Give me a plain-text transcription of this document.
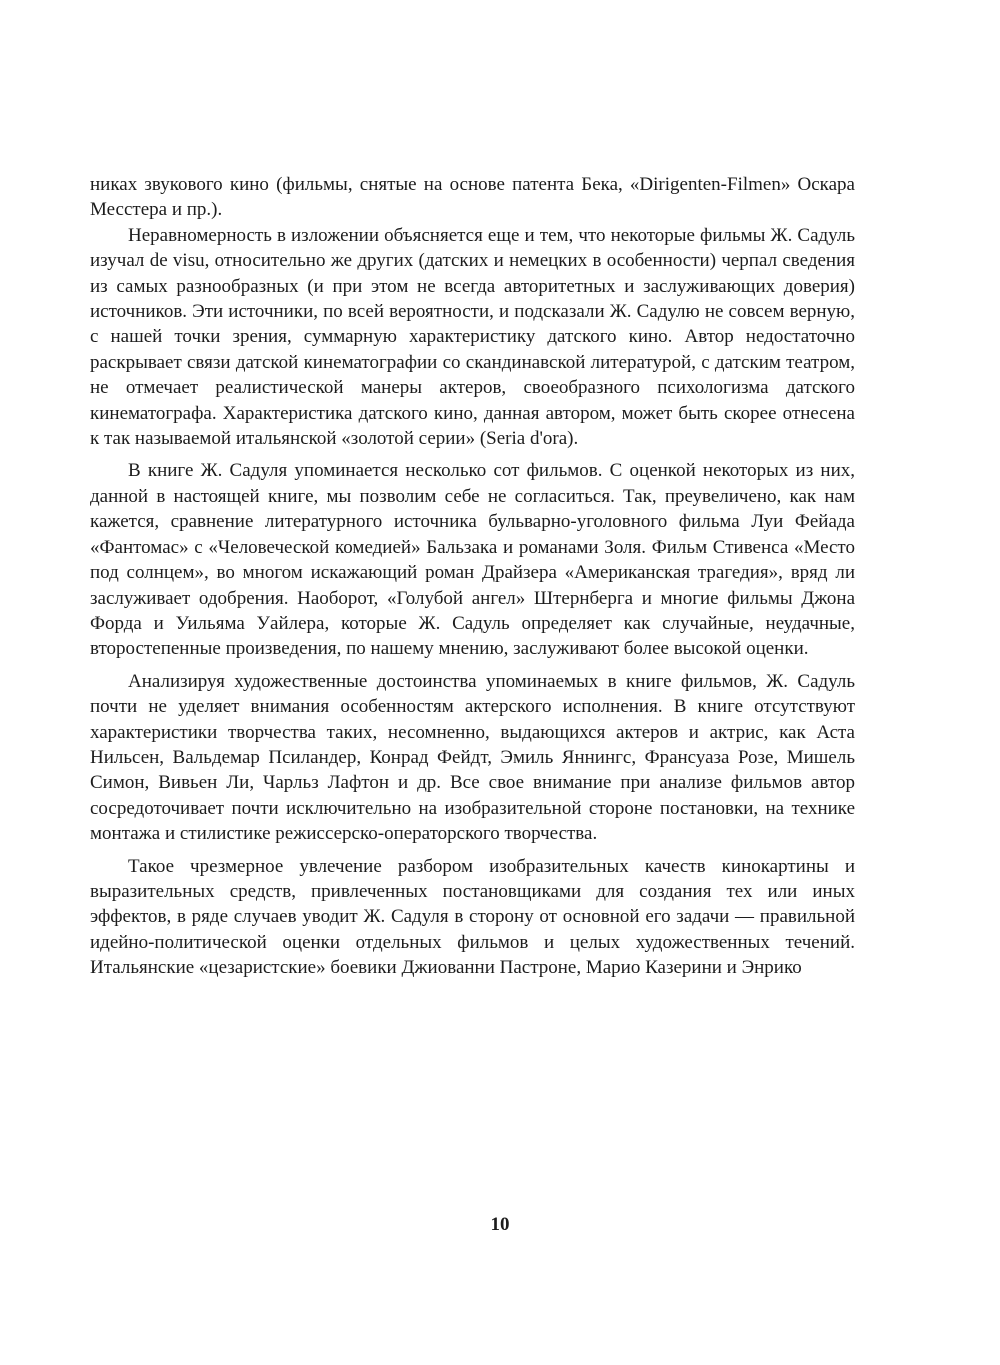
никах звукового кино (фильмы, снятые на основе патента Бека, «Dirigenten-Filmen» Оскара Месстера и пр.).

Неравномерность в изложении объясняется еще и тем, что некоторые фильмы Ж. Садуль изучал de visu, относительно же других (датских и немецких в особенности) черпал сведения из самых разнообразных (и при этом не всегда авторитетных и заслуживающих доверия) источников. Эти источники, по всей вероятности, и подсказали Ж. Садулю не совсем верную, с нашей точки зрения, суммарную характеристику датского кино. Автор недостаточно раскрывает связи датской кинематографии со скандинавской литературой, с датским театром, не отмечает реалистической манеры актеров, своеобразного психологизма датского кинематографа. Характеристика датского кино, данная автором, может быть скорее отнесена к так называемой итальянской «золотой серии» (Seria d'ora).

В книге Ж. Садуля упоминается несколько сот фильмов. С оценкой некоторых из них, данной в настоящей книге, мы позволим себе не согласиться. Так, преувеличено, как нам кажется, сравнение литературного источника бульварно-уголовного фильма Луи Фейада «Фантомас» с «Человеческой комедией» Бальзака и романами Золя. Фильм Стивенса «Место под солнцем», во многом искажающий роман Драйзера «Американская трагедия», вряд ли заслуживает одобрения. Наоборот, «Голубой ангел» Штернберга и многие фильмы Джона Форда и Уильяма Уайлера, которые Ж. Садуль определяет как случайные, неудачные, второстепенные произведения, по нашему мнению, заслуживают более высокой оценки.

Анализируя художественные достоинства упоминаемых в книге фильмов, Ж. Садуль почти не уделяет внимания особенностям актерского исполнения. В книге отсутствуют характеристики творчества таких, несомненно, выдающихся актеров и актрис, как Аста Нильсен, Вальдемар Псиландер, Конрад Фейдт, Эмиль Яннингс, Франсуаза Розе, Мишель Симон, Вивьен Ли, Чарльз Лафтон и др. Все свое внимание при анализе фильмов автор сосредоточивает почти исключительно на изобразительной стороне постановки, на технике монтажа и стилистике режиссерско-операторского творчества.

Такое чрезмерное увлечение разбором изобразительных качеств кинокартины и выразительных средств, привлеченных постановщиками для создания тех или иных эффектов, в ряде случаев уводит Ж. Садуля в сторону от основной его задачи — правильной идейно-политической оценки отдельных фильмов и целых художественных течений. Итальянские «цезаристские» боевики Джиованни Пастроне, Марио Казерини и Энрико

10
